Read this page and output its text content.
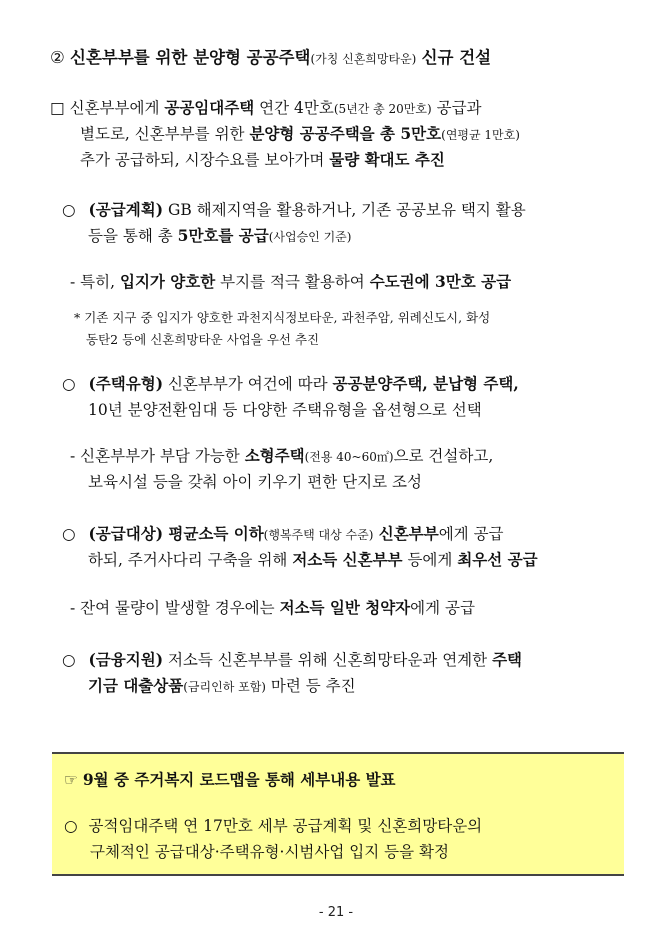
② 신혼부부를 위한 분양형 공공주택(가칭 신혼희망타운) 신규 건설
□ 신혼부부에게 공공임대주택 연간 4만호(5년간 총 20만호) 공급과
별도로, 신혼부부를 위한 분양형 공공주택을 총 5만호(연평균 1만호)
추가 공급하되, 시장수요를 보아가며 물량 확대도 추진
○ (공급계획) GB 해제지역을 활용하거나, 기존 공공보유 택지 활용
등을 통해 총 5만호를 공급(사업승인 기준)
- 특히, 입지가 양호한 부지를 적극 활용하여 수도권에 3만호 공급
* 기존 지구 중 입지가 양호한 과천지식정보타운, 과천주암, 위례신도시, 화성
동탄2 등에 신혼희망타운 사업을 우선 추진
○ (주택유형) 신혼부부가 여건에 따라 공공분양주택, 분납형 주택,
10년 분양전환임대 등 다양한 주택유형을 옵션형으로 선택
- 신혼부부가 부담 가능한 소형주택(전용 40~60㎡)으로 건설하고,
보육시설 등을 갖춰 아이 키우기 편한 단지로 조성
○ (공급대상) 평균소득 이하(행복주택 대상 수준) 신혼부부에게 공급
하되, 주거사다리 구축을 위해 저소득 신혼부부 등에게 최우선 공급
- 잔여 물량이 발생할 경우에는 저소득 일반 청약자에게 공급
○ (금융지원) 저소득 신혼부부를 위해 신혼희망타운과 연계한 주택
기금 대출상품(금리인하 포함) 마련 등 추진
☞ 9월 중 주거복지 로드맵을 통해 세부내용 발표
○ 공적임대주택 연 17만호 세부 공급계획 및 신혼희망타운의
구체적인 공급대상·주택유형·시범사업 입지 등을 확정
- 21 -
